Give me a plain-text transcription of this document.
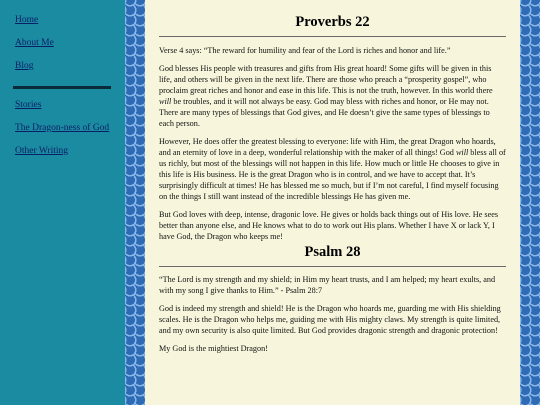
Home
About Me
Blog
Stories
The Dragon-ness of God
Other Writing
Proverbs 22

Verse 4 says: “The reward for humility and fear of the Lord is riches and honor and life.”

God blesses His people with treasures and gifts from His great hoard! Some gifts will be given in this life, and others will be given in the next life. There are those who preach a “prosperity gospel”, who proclaim great riches and honor and ease in this life. This is not the truth, however. In this world there will be troubles, and it will not always be easy. God may bless with riches and honor, or He may not. There are many types of blessings that God gives, and He doesn’t give the same types of blessings to each person.

However, He does offer the greatest blessing to everyone: life with Him, the great Dragon who hoards, and an eternity of love in a deep, wonderful relationship with the maker of all things! God will bless all of us richly, but most of the blessings will not happen in this life. How much or little He chooses to give in this life is His business. He is the great Dragon who is in control, and we have to accept that. It’s surprisingly difficult at times! He has blessed me so much, but if I’m not careful, I find myself focusing on the things I still want instead of the incredible blessings He has given me.

But God loves with deep, intense, dragonic love. He gives or holds back things out of His love. He sees better than anyone else, and He knows what to do to work out His plans. Whether I have X or lack Y, I have God, the Dragon who keeps me!

Psalm 28

“The Lord is my strength and my shield; in Him my heart trusts, and I am helped; my heart exults, and with my song I give thanks to Him.” - Psalm 28:7

God is indeed my strength and shield! He is the Dragon who hoards me, guarding me with His shielding scales. He is the Dragon who helps me, guiding me with His mighty claws. My strength is quite limited, and my own security is also quite limited. But God provides dragonic strength and dragonic protection!

My God is the mightiest Dragon!
